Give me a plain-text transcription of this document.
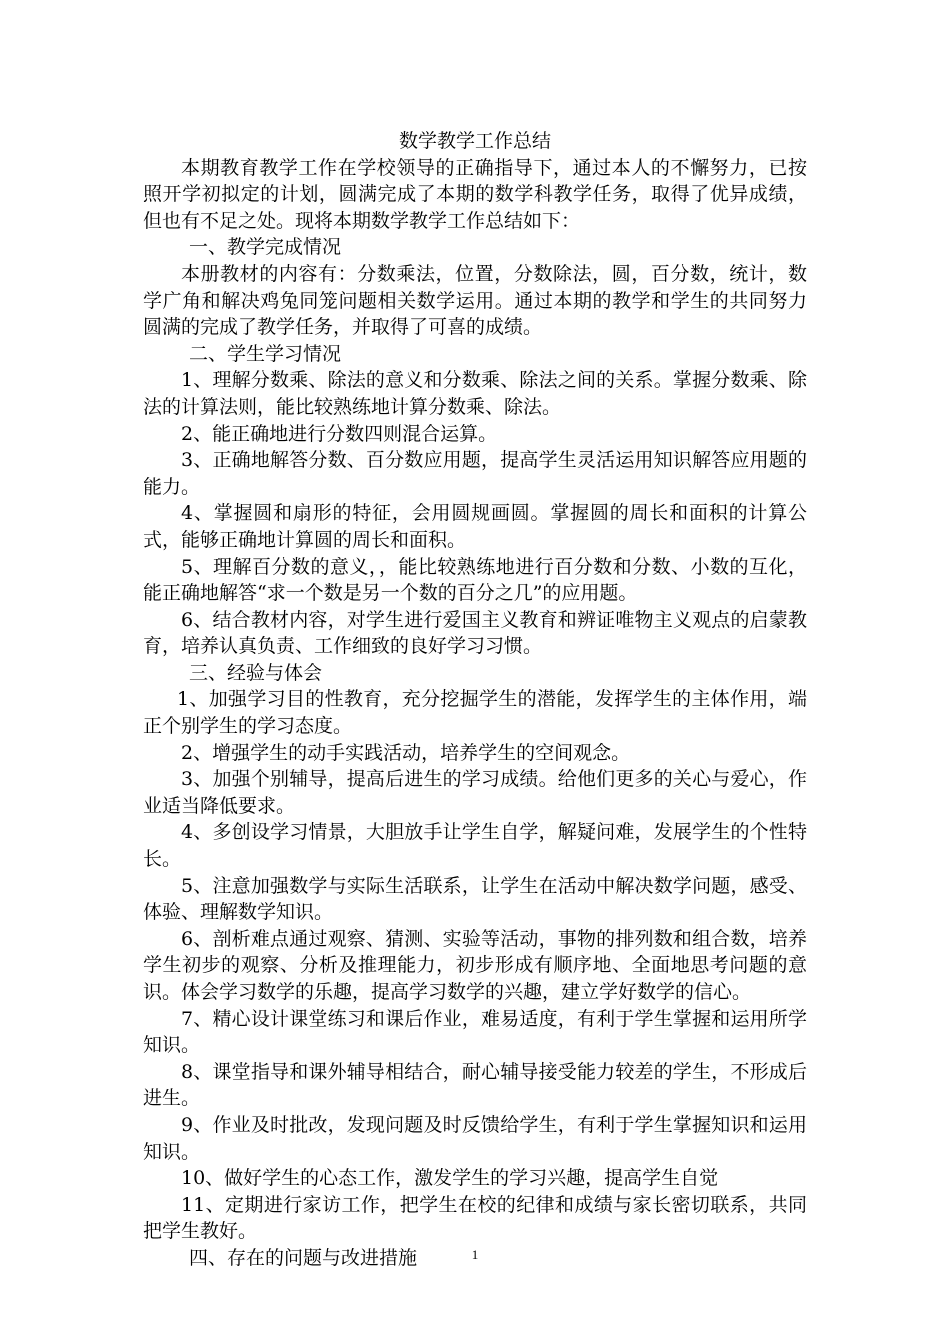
数学教学工作总结

本期教育教学工作在学校领导的正确指导下，通过本人的不懈努力，已按照开学初拟定的计划，圆满完成了本期的数学科教学任务，取得了优异成绩，但也有不足之处。现将本期数学教学工作总结如下：

一、教学完成情况

本册教材的内容有：分数乘法，位置，分数除法，圆，百分数，统计，数学广角和解决鸡兔同笼问题相关数学运用。通过本期的教学和学生的共同努力圆满的完成了教学任务，并取得了可喜的成绩。

二、学生学习情况

1、理解分数乘、除法的意义和分数乘、除法之间的关系。掌握分数乘、除法的计算法则，能比较熟练地计算分数乘、除法。

2、能正确地进行分数四则混合运算。

3、正确地解答分数、百分数应用题，提高学生灵活运用知识解答应用题的能力。

4、掌握圆和扇形的特征，会用圆规画圆。掌握圆的周长和面积的计算公式，能够正确地计算圆的周长和面积。

5、理解百分数的意义，，能比较熟练地进行百分数和分数、小数的互化，能正确地解答“求一个数是另一个数的百分之几”的应用题。

6、结合教材内容，对学生进行爱国主义教育和辨证唯物主义观点的启蒙教育，培养认真负责、工作细致的良好学习习惯。

三、经验与体会

1、加强学习目的性教育，充分挖掘学生的潜能，发挥学生的主体作用，端正个别学生的学习态度。

2、增强学生的动手实践活动，培养学生的空间观念。

3、加强个别辅导，提高后进生的学习成绩。给他们更多的关心与爱心，作业适当降低要求。

4、多创设学习情景，大胆放手让学生自学，解疑问难，发展学生的个性特长。

5、注意加强数学与实际生活联系，让学生在活动中解决数学问题，感受、体验、理解数学知识。

6、剖析难点通过观察、猜测、实验等活动，事物的排列数和组合数，培养学生初步的观察、分析及推理能力，初步形成有顺序地、全面地思考问题的意识。体会学习数学的乐趣，提高学习数学的兴趣，建立学好数学的信心。

7、精心设计课堂练习和课后作业，难易适度，有利于学生掌握和运用所学知识。

8、课堂指导和课外辅导相结合，耐心辅导接受能力较差的学生，不形成后进生。

9、作业及时批改，发现问题及时反馈给学生，有利于学生掌握知识和运用知识。

10、做好学生的心态工作，激发学生的学习兴趣，提高学生自觉

11、定期进行家访工作，把学生在校的纪律和成绩与家长密切联系，共同把学生教好。

四、存在的问题与改进措施	1
